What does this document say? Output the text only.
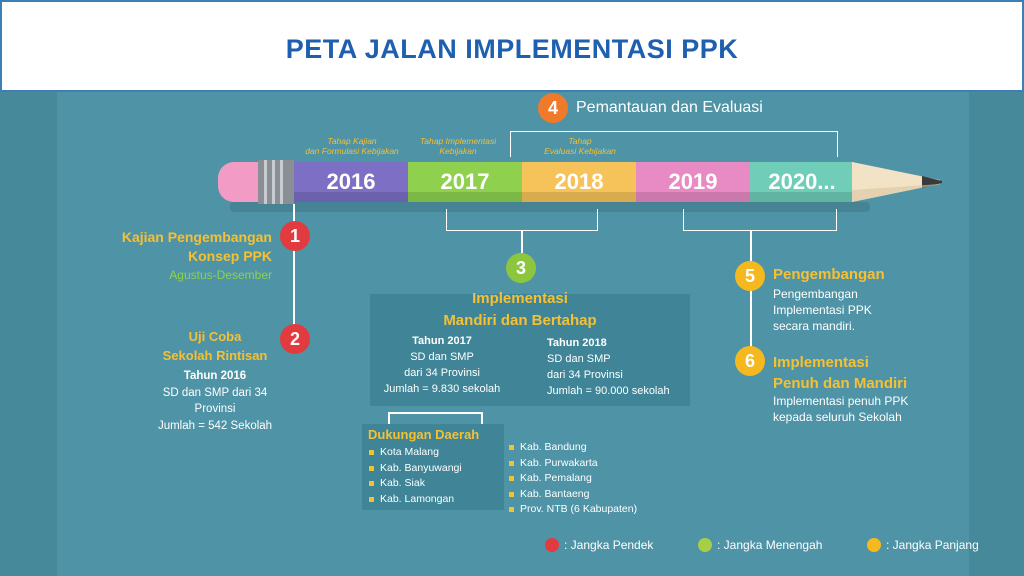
PETA JALAN IMPLEMENTASI PPK
4	Pemantauan dan Evaluasi
Tahap Kajian
dan Formulasi Kebijakan
Tahap Implementasi
Kebijakan
Tahap
Evaluasi Kebijakan
2016	2017	2018	2019 2020...
1
Kajian Pengembangan
Konsep PPK
Agustus-Desember
2
Uji Coba
Sekolah Rintisan
Tahun 2016
SD dan SMP dari 34
Provinsi
Jumlah = 542 Sekolah
3
Implementasi
Mandiri dan Bertahap
Tahun 2017
SD dan SMP
dari 34 Provinsi
Jumlah = 9.830 sekolah
Tahun 2018
SD dan SMP
dari 34 Provinsi
Jumlah = 90.000 sekolah
Dukungan Daerah
Kota Malang
Kab. Banyuwangi
Kab. Siak
Kab. Lamongan
Kab. Bandung
Kab. Purwakarta
Kab. Pemalang
Kab. Bantaeng
Prov. NTB (6 Kabupaten)
5	Pengembangan
Pengembangan
Implementasi PPK
secara mandiri.
6	Implementasi
Penuh dan Mandiri
Implementasi penuh PPK
kepada seluruh Sekolah
: Jangka Pendek	: Jangka Menengah	: Jangka Panjang
